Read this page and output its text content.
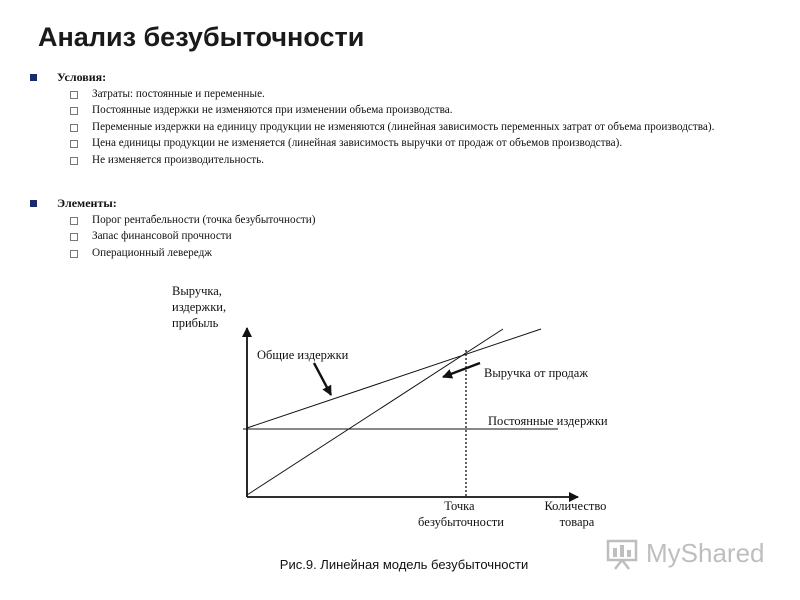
Анализ безубыточности
Условия:
Затраты: постоянные и переменные.
Постоянные издержки не изменяются при изменении объема производства.
Переменные издержки на единицу продукции не изменяются (линейная зависимость переменных затрат от объема производства).
Цена единицы продукции не изменяется (линейная зависимость выручки от продаж от объемов производства).
Не изменяется производительность.
Элементы:
Порог рентабельности (точка безубыточности)
Запас финансовой прочности
Операционный левередж
Выручка, издержки, прибыль
Общие издержки
Выручка от продаж
Постоянные издержки
Точка безубыточности
Количество товара
Рис.9. Линейная модель безубыточности	MyShared
